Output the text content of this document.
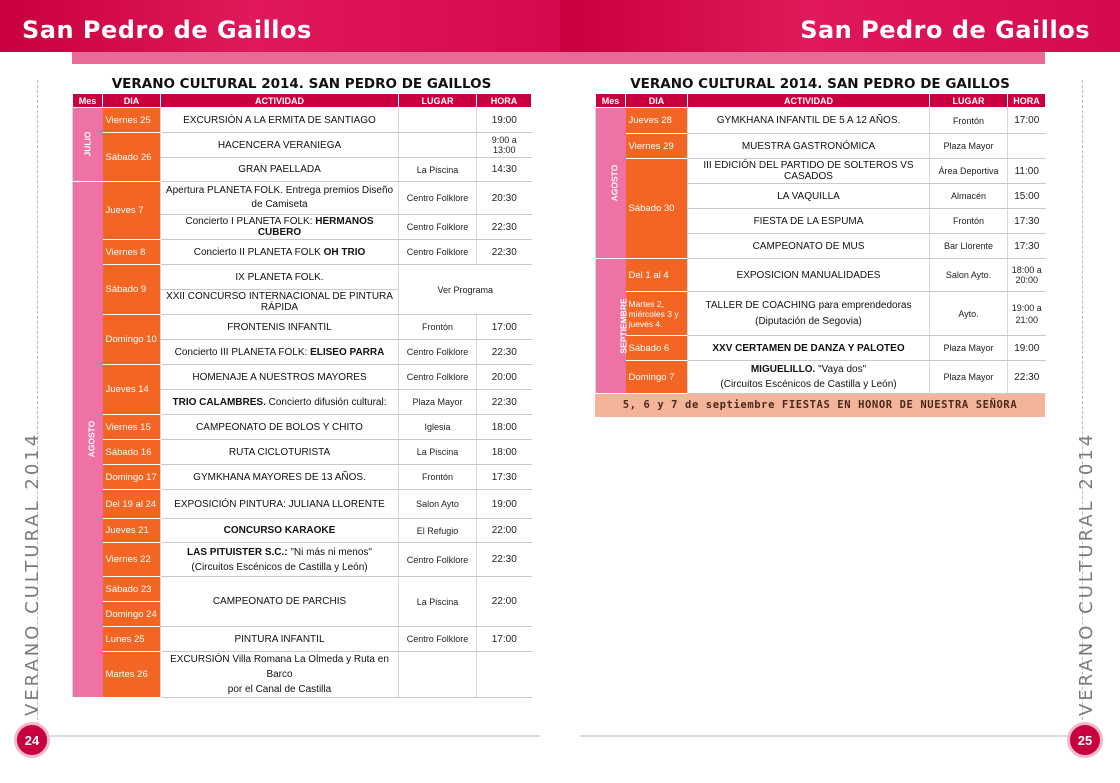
San Pedro de Gaillos	San Pedro de Gaillos
VERANO CULTURAL 2014	VERANO CULTURAL 2014
VERANO CULTURAL 2014. SAN PEDRO DE GAILLOS
Mes	DIA	ACTIVIDAD	LUGAR	HORA
JULIO	Viernes 25	EXCURSIÓN A LA ERMITA DE SANTIAGO		19:00
	Sábado 26	HACENCERA VERANIEGA		9:00 a 13:00
		GRAN PAELLADA	La Piscina	14:30
AGOSTO	Jueves 7	Apertura PLANETA FOLK. Entrega premios Diseño de Camiseta	Centro Folklore	20:30
		Concierto I PLANETA FOLK: HERMANOS CUBERO	Centro Folklore	22:30
	Viernes 8	Concierto II PLANETA FOLK OH TRIO	Centro Folklore	22:30
	Sábado 9	IX PLANETA FOLK.	Ver Programa	
		XXII CONCURSO INTERNACIONAL DE PINTURA RÁPIDA		
	Domingo 10	FRONTENIS INFANTIL	Frontón	17:00
		Concierto III PLANETA FOLK: ELISEO PARRA	Centro Folklore	22:30
	Jueves 14	HOMENAJE A NUESTROS MAYORES	Centro Folklore	20:00
		TRIO CALAMBRES. Concierto difusión cultural:	Plaza Mayor	22:30
	Viernes 15	CAMPEONATO DE BOLOS Y CHITO	Iglesia	18:00
	Sábado 16	RUTA CICLOTURISTA	La Piscina	18:00
	Domingo 17	GYMKHANA MAYORES DE 13 AÑOS.	Frontón	17:30
	Del 19 al 24	EXPOSICIÓN PINTURA: JULIANA LLORENTE	Salon Ayto	19:00
	Jueves 21	CONCURSO KARAOKE	El Refugio	22:00
	Viernes 22	LAS PITUISTER S.C.: "Ni más ni menos"
(Circuitos Escénicos de Castilla y León)	Centro Folklore	22:30
	Sábado 23	CAMPEONATO DE PARCHIS	La Piscina	22:00
	Domingo 24			
	Lunes 25	PINTURA INFANTIL	Centro Folklore	17:00
	Martes 26	EXCURSIÓN Villa Romana La Olmeda y Ruta en Barco
por el Canal de Castilla		
VERANO CULTURAL 2014. SAN PEDRO DE GAILLOS
Mes	DIA	ACTIVIDAD	LUGAR	HORA
AGOSTO	Jueves 28	GYMKHANA INFANTIL DE 5 A 12 AÑOS.	Frontón	17:00
	Viernes 29	MUESTRA GASTRONÓMICA	Plaza Mayor	
	Sábado 30	III EDICIÓN DEL PARTIDO DE SOLTEROS VS CASADOS	Área Deportiva	11:00
		LA VAQUILLA	Almacén	15:00
		FIESTA DE LA ESPUMA	Frontón	17:30
		CAMPEONATO DE MUS	Bar Llorente	17:30
SEPTIEMBRE	Del 1 al 4	EXPOSICION MANUALIDADES	Salon Ayto.	18:00 a 20:00
	Martes 2, miércoles 3 y jueves 4.	TALLER DE COACHING para emprendedoras
(Diputación de Segovia)	Ayto.	19:00 a 21:00
	Sábado 6	XXV CERTAMEN DE DANZA Y PALOTEO	Plaza Mayor	19:00
	Domingo 7	MIGUELILLO. "Vaya dos"
(Circuitos Escénicos de Castilla y León)	Plaza Mayor	22:30
5, 6 y 7 de septiembre FIESTAS EN HONOR DE NUESTRA SEÑORA
24	25
